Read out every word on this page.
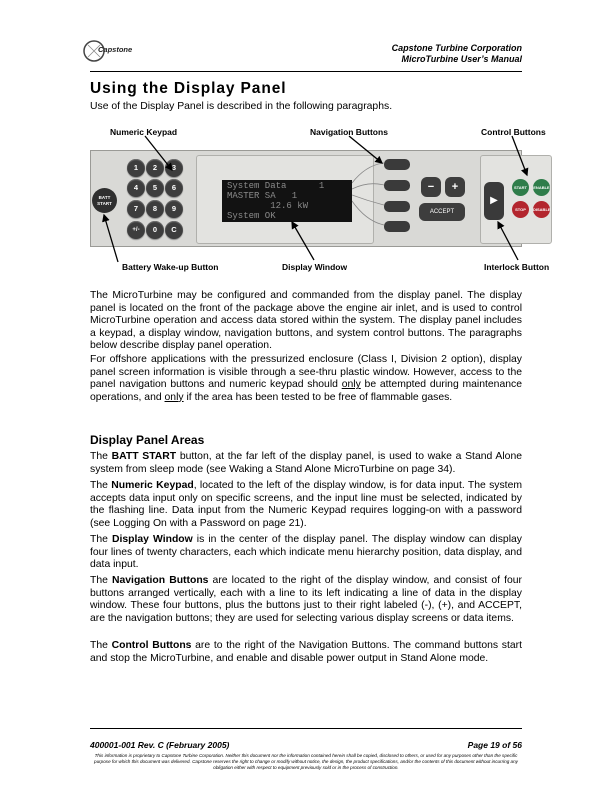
Capstone	Capstone Turbine Corporation
MicroTurbine User’s Manual
Using the Display Panel
Use of the Display Panel is described in the following paragraphs.
Numeric Keypad	Navigation Buttons	Control Buttons
Battery Wake-up Button	Display Window	Interlock Button
BATT
START
1	2	3
4	5	6
7	8	9
+/-	0	C
System Data      1
MASTER SA   1
12.6 kW
System OK
−	+
ACCEPT
▶
START	ENABLE
STOP	DISABLE
The MicroTurbine may be configured and commanded from the display panel. The display panel is located on the front of the package above the engine air inlet, and is used to control MicroTurbine operation and access data stored within the system. The display panel includes a keypad, a display window, navigation buttons, and system control buttons. The paragraphs below describe display panel operation.
For offshore applications with the pressurized enclosure (Class I, Division 2 option), display panel screen information is visible through a see-thru plastic window. However, access to the panel navigation buttons and numeric keypad should only be attempted during maintenance operations, and only if the area has been tested to be free of flammable gases.
Display Panel Areas
The BATT START button, at the far left of the display panel, is used to wake a Stand Alone system from sleep mode (see Waking a Stand Alone MicroTurbine on page 34).
The Numeric Keypad, located to the left of the display window, is for data input. The system accepts data input only on specific screens, and the input line must be selected, indicated by the flashing line. Data input from the Numeric Keypad requires logging-on with a password (see Logging On with a Password on page 21).
The Display Window is in the center of the display panel. The display window can display four lines of twenty characters, each which indicate menu hierarchy position, data display, and data input.
The Navigation Buttons are located to the right of the display window, and consist of four buttons arranged vertically, each with a line to its left indicating a line of data in the display window. These four buttons, plus the buttons just to their right labeled (-), (+), and ACCEPT, are the navigation buttons; they are used for selecting various display screens or data items.
The Control Buttons are to the right of the Navigation Buttons. The command buttons start and stop the MicroTurbine, and enable and disable power output in Stand Alone mode.
400001-001 Rev. C (February 2005)	Page 19 of 56
This information is proprietary to Capstone Turbine Corporation. Neither this document nor the information contained herein shall be copied, disclosed to others, or used for any purposes other than the specific purpose for which this document was delivered. Capstone reserves the right to change or modify without notice, the design, the product specifications, and/or the contents of this document without incurring any obligation either with respect to equipment previously sold or in the process of construction.
